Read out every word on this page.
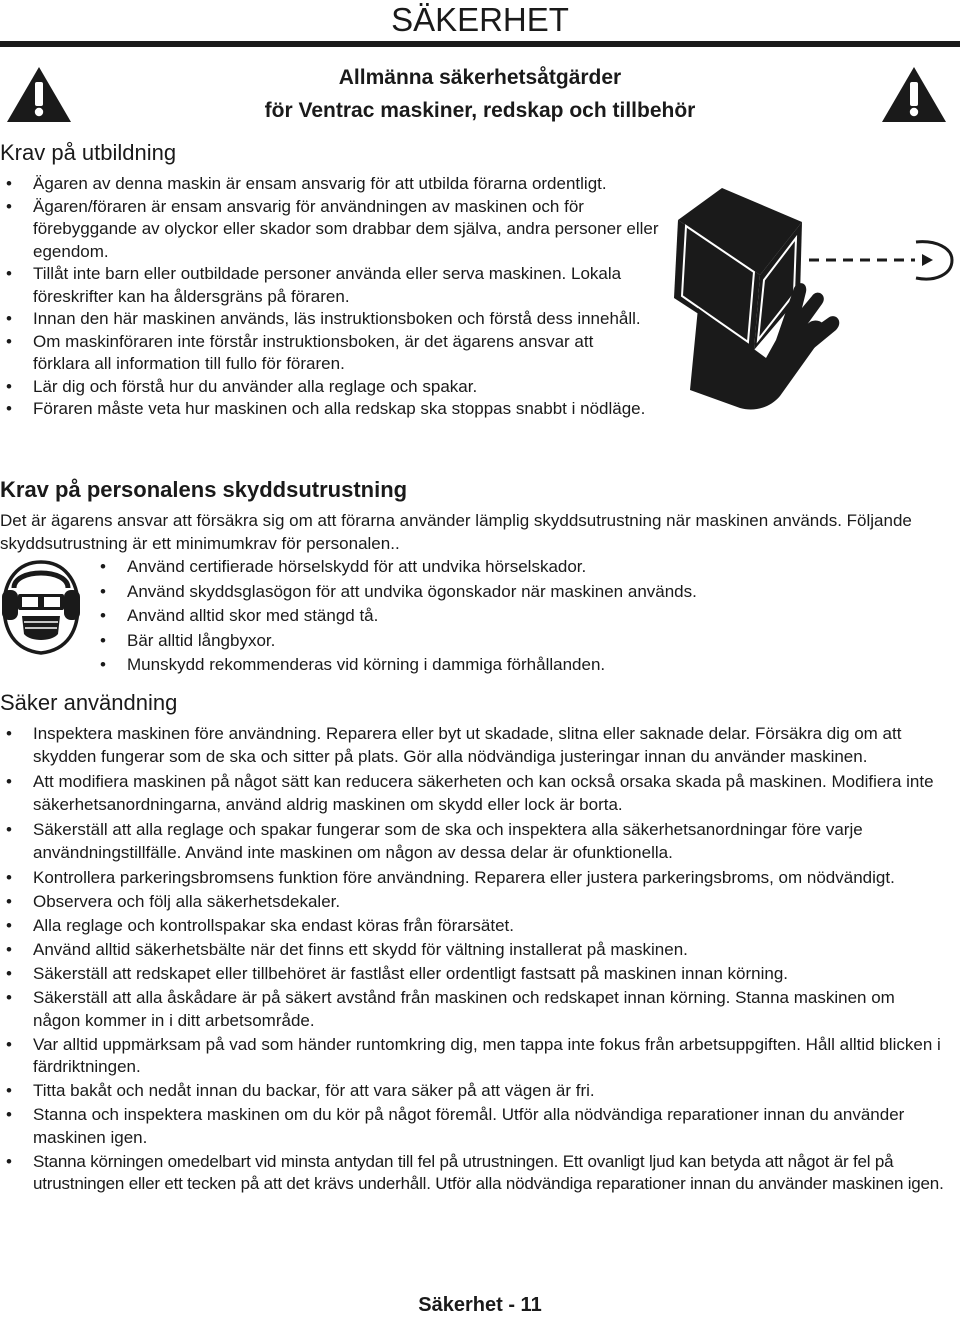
SÄKERHET
Allmänna säkerhetsåtgärder
för Ventrac maskiner, redskap och tillbehör
Krav på utbildning
• Ägaren av denna maskin är ensam ansvarig för att utbilda förarna ordentligt.
• Ägaren/föraren är ensam ansvarig för användningen av maskinen och för förebyggande av olyckor eller skador som drabbar dem själva, andra personer eller egendom.
• Tillåt inte barn eller outbildade personer använda eller serva maskinen. Lokala föreskrifter kan ha åldersgräns på föraren.
• Innan den här maskinen används, läs instruktionsboken och förstå dess innehåll.
• Om maskinföraren inte förstår instruktionsboken, är det ägarens ansvar att förklara all information till fullo för föraren.
• Lär dig och förstå hur du använder alla reglage och spakar.
• Föraren måste veta hur maskinen och alla redskap ska stoppas snabbt i nödläge.
Krav på personalens skyddsutrustning
Det är ägarens ansvar att försäkra sig om att förarna använder lämplig skyddsutrustning när maskinen används. Följande skyddsutrustning är ett minimumkrav för personalen..
• Använd certifierade hörselskydd för att undvika hörselskador.
• Använd skyddsglasögon för att undvika ögonskador när maskinen används.
• Använd alltid skor med stängd tå.
• Bär alltid långbyxor.
• Munskydd rekommenderas vid körning i dammiga förhållanden.
Säker användning
• Inspektera maskinen före användning. Reparera eller byt ut skadade, slitna eller saknade delar. Försäkra dig om att skydden fungerar som de ska och sitter på plats. Gör alla nödvändiga justeringar innan du använder maskinen.
• Att modifiera maskinen på något sätt kan reducera säkerheten och kan också orsaka skada på maskinen. Modifiera inte säkerhetsanordningarna, använd aldrig maskinen om skydd eller lock är borta.
• Säkerställ att alla reglage och spakar fungerar som de ska och inspektera alla säkerhetsanordningar före varje användningstillfälle. Använd inte maskinen om någon av dessa delar är ofunktionella.
• Kontrollera parkeringsbromsens funktion före användning. Reparera eller justera parkeringsbroms, om nödvändigt.
• Observera och följ alla säkerhetsdekaler.
• Alla reglage och kontrollspakar ska endast köras från förarsätet.
• Använd alltid säkerhetsbälte när det finns ett skydd för vältning installerat på maskinen.
• Säkerställ att redskapet eller tillbehöret är fastlåst eller ordentligt fastsatt på maskinen innan körning.
• Säkerställ att alla åskådare är på säkert avstånd från maskinen och redskapet innan körning. Stanna maskinen om någon kommer in i ditt arbetsområde.
• Var alltid uppmärksam på vad som händer runtomkring dig, men tappa inte fokus från arbetsuppgiften. Håll alltid blicken i färdriktningen.
• Titta bakåt och nedåt innan du backar, för att vara säker på att vägen är fri.
• Stanna och inspektera maskinen om du kör på något föremål. Utför alla nödvändiga reparationer innan du använder maskinen igen.
• Stanna körningen omedelbart vid minsta antydan till fel på utrustningen. Ett ovanligt ljud kan betyda att något är fel på utrustningen eller ett tecken på att det krävs underhåll. Utför alla nödvändiga reparationer innan du använder maskinen igen.
Säkerhet - 11
